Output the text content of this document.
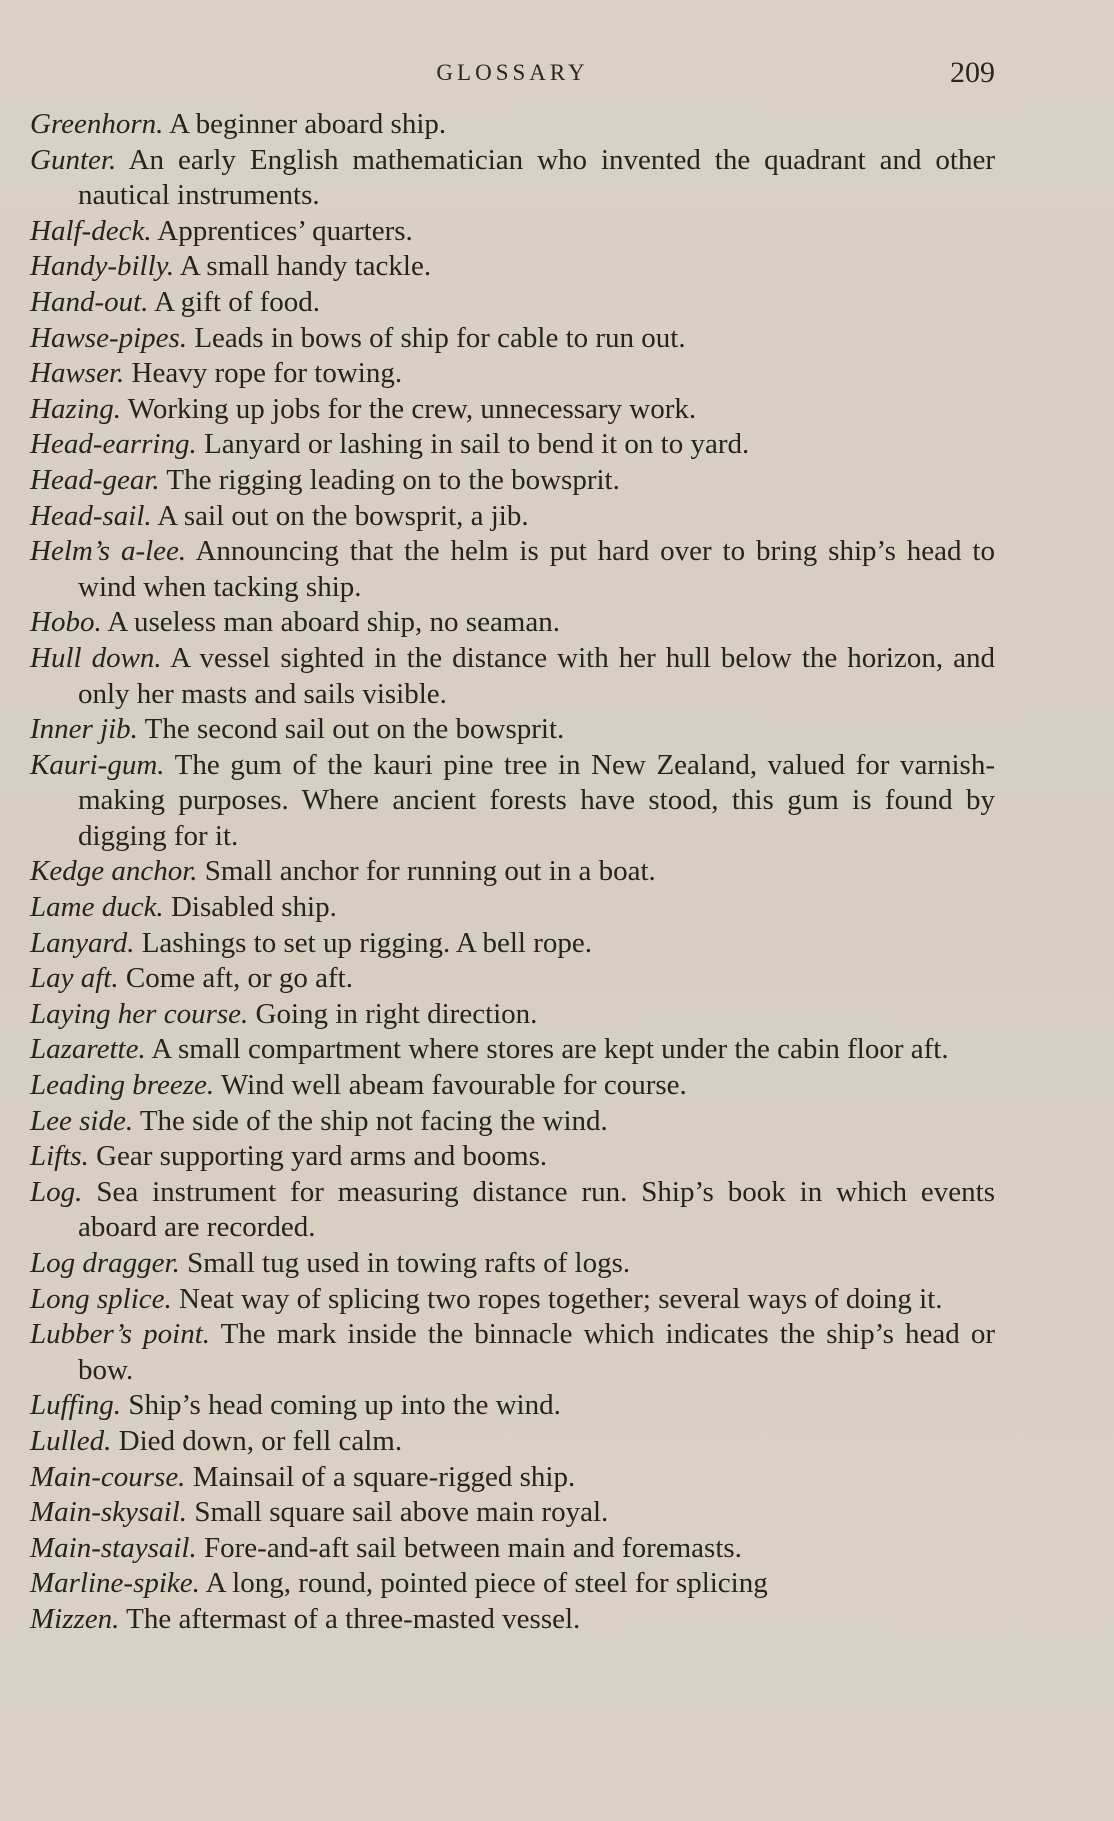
GLOSSARY	209

Greenhorn. A beginner aboard ship.

Gunter. An early English mathematician who invented the quadrant and other nautical instruments.

Half-deck. Apprentices’ quarters.

Handy-billy. A small handy tackle.

Hand-out. A gift of food.

Hawse-pipes. Leads in bows of ship for cable to run out.

Hawser. Heavy rope for towing.

Hazing. Working up jobs for the crew, unnecessary work.

Head-earring. Lanyard or lashing in sail to bend it on to yard.

Head-gear. The rigging leading on to the bowsprit.

Head-sail. A sail out on the bowsprit, a jib.

Helm’s a-lee. Announcing that the helm is put hard over to bring ship’s head to wind when tacking ship.

Hobo. A useless man aboard ship, no seaman.

Hull down. A vessel sighted in the distance with her hull below the horizon, and only her masts and sails visible.

Inner jib. The second sail out on the bowsprit.

Kauri-gum. The gum of the kauri pine tree in New Zealand, valued for varnish-making purposes. Where ancient forests have stood, this gum is found by digging for it.

Kedge anchor. Small anchor for running out in a boat.

Lame duck. Disabled ship.

Lanyard. Lashings to set up rigging. A bell rope.

Lay aft. Come aft, or go aft.

Laying her course. Going in right direction.

Lazarette. A small compartment where stores are kept under the cabin floor aft.

Leading breeze. Wind well abeam favourable for course.

Lee side. The side of the ship not facing the wind.

Lifts. Gear supporting yard arms and booms.

Log. Sea instrument for measuring distance run. Ship’s book in which events aboard are recorded.

Log dragger. Small tug used in towing rafts of logs.

Long splice. Neat way of splicing two ropes together; several ways of doing it.

Lubber’s point. The mark inside the binnacle which indicates the ship’s head or bow.

Luffing. Ship’s head coming up into the wind.

Lulled. Died down, or fell calm.

Main-course. Mainsail of a square-rigged ship.

Main-skysail. Small square sail above main royal.

Main-staysail. Fore-and-aft sail between main and foremasts.

Marline-spike. A long, round, pointed piece of steel for splicing

Mizzen. The aftermast of a three-masted vessel.
